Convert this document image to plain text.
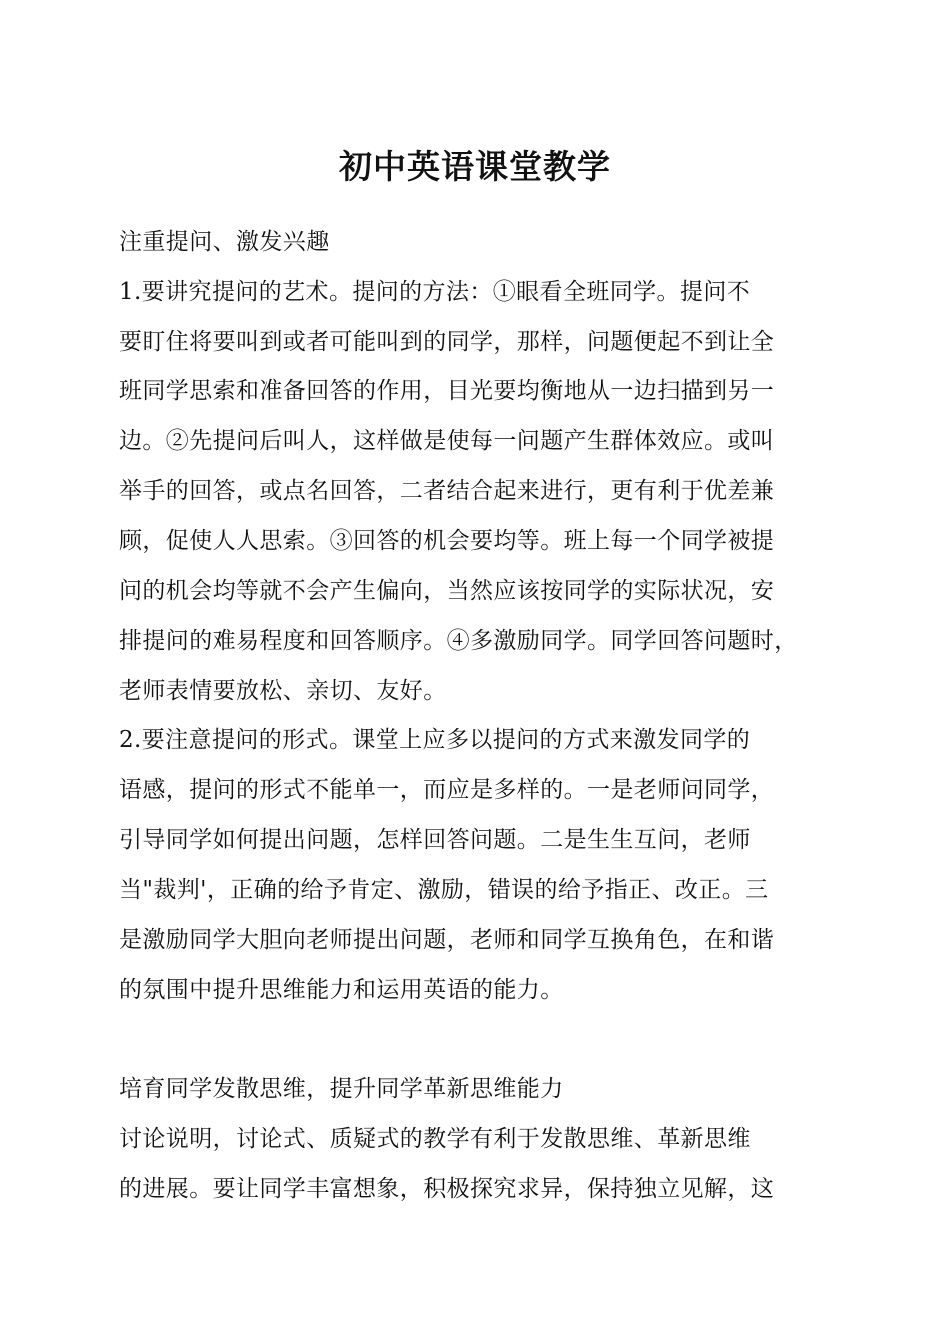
初中英语课堂教学
注重提问、激发兴趣
1.要讲究提问的艺术。提问的方法：①眼看全班同学。提问不
要盯住将要叫到或者可能叫到的同学，那样，问题便起不到让全
班同学思索和准备回答的作用，目光要均衡地从一边扫描到另一
边。②先提问后叫人，这样做是使每一问题产生群体效应。或叫
举手的回答，或点名回答，二者结合起来进行，更有利于优差兼
顾，促使人人思索。③回答的机会要均等。班上每一个同学被提
问的机会均等就不会产生偏向，当然应该按同学的实际状况，安
排提问的难易程度和回答顺序。④多激励同学。同学回答问题时，
老师表情要放松、亲切、友好。
2.要注意提问的形式。课堂上应多以提问的方式来激发同学的
语感，提问的形式不能单一，而应是多样的。一是老师问同学，
引导同学如何提出问题，怎样回答问题。二是生生互问，老师
当"裁判'，正确的给予肯定、激励，错误的给予指正、改正。三
是激励同学大胆向老师提出问题，老师和同学互换角色，在和谐
的氛围中提升思维能力和运用英语的能力。
培育同学发散思维，提升同学革新思维能力
讨论说明，讨论式、质疑式的教学有利于发散思维、革新思维
的进展。要让同学丰富想象，积极探究求异，保持独立见解，这
